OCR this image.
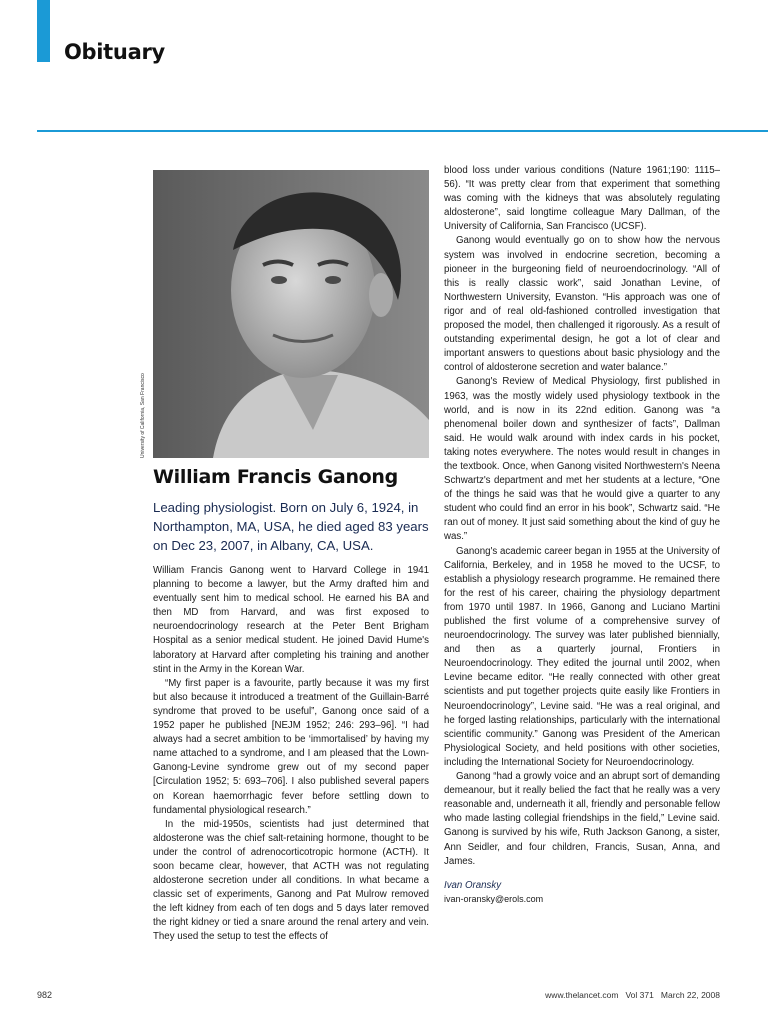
Obituary
University of California, San Francisco
William Francis Ganong
Leading physiologist. Born on July 6, 1924, in Northampton, MA, USA, he died aged 83 years on Dec 23, 2007, in Albany, CA, USA.

William Francis Ganong went to Harvard College in 1941 planning to become a lawyer, but the Army drafted him and eventually sent him to medical school. He earned his BA and then MD from Harvard, and was first exposed to neuroendocrinology research at the Peter Bent Brigham Hospital as a senior medical student. He joined David Hume's laboratory at Harvard after completing his training and another stint in the Army in the Korean War.

“My first paper is a favourite, partly because it was my first but also because it introduced a treatment of the Guillain-Barré syndrome that proved to be useful”, Ganong once said of a 1952 paper he published [NEJM 1952; 246: 293–96]. “I had always had a secret ambition to be ‘immortalised’ by having my name attached to a syndrome, and I am pleased that the Lown-Ganong-Levine syndrome grew out of my second paper [Circulation 1952; 5: 693–706]. I also published several papers on Korean haemorrhagic fever before settling down to fundamental physiological research.”

In the mid-1950s, scientists had just determined that aldosterone was the chief salt-retaining hormone, thought to be under the control of adrenocorticotropic hormone (ACTH). It soon became clear, however, that ACTH was not regulating aldosterone secretion under all conditions. In what became a classic set of experiments, Ganong and Pat Mulrow removed the left kidney from each of ten dogs and 5 days later removed the right kidney or tied a snare around the renal artery and vein. They used the setup to test the effects of

blood loss under various conditions (Nature 1961;190: 1115–56). “It was pretty clear from that experiment that something was coming with the kidneys that was absolutely regulating aldosterone”, said longtime colleague Mary Dallman, of the University of California, San Francisco (UCSF).

Ganong would eventually go on to show how the nervous system was involved in endocrine secretion, becoming a pioneer in the burgeoning field of neuroendocrinology. “All of this is really classic work”, said Jonathan Levine, of Northwestern University, Evanston. “His approach was one of rigor and of real old-fashioned controlled investigation that proposed the model, then challenged it rigorously. As a result of outstanding experimental design, he got a lot of clear and important answers to questions about basic physiology and the control of aldosterone secretion and water balance.”

Ganong's Review of Medical Physiology, first published in 1963, was the mostly widely used physiology textbook in the world, and is now in its 22nd edition. Ganong was “a phenomenal boiler down and synthesizer of facts”, Dallman said. He would walk around with index cards in his pocket, taking notes everywhere. The notes would result in changes in the textbook. Once, when Ganong visited Northwestern's Neena Schwartz's department and met her students at a lecture, “One of the things he said was that he would give a quarter to any student who could find an error in his book”, Schwartz said. “He ran out of money. It just said something about the kind of guy he was.”

Ganong's academic career began in 1955 at the University of California, Berkeley, and in 1958 he moved to the UCSF, to establish a physiology research programme. He remained there for the rest of his career, chairing the physiology department from 1970 until 1987. In 1966, Ganong and Luciano Martini published the first volume of a comprehensive survey of neuroendocrinology. The survey was later published biennially, and then as a quarterly journal, Frontiers in Neuroendocrinology. They edited the journal until 2002, when Levine became editor. “He really connected with other great scientists and put together projects quite easily like Frontiers in Neuroendocrinology”, Levine said. “He was a real original, and he forged lasting relationships, particularly with the international scientific community.” Ganong was President of the American Physiological Society, and held positions with other societies, including the International Society for Neuroendocrinology.

Ganong “had a growly voice and an abrupt sort of demanding demeanour, but it really belied the fact that he really was a very reasonable and, underneath it all, friendly and personable fellow who made lasting collegial friendships in the field,” Levine said. Ganong is survived by his wife, Ruth Jackson Ganong, a sister, Ann Seidler, and four children, Francis, Susan, Anna, and James.

Ivan Oransky
ivan-oransky@erols.com
982	www.thelancet.com   Vol 371   March 22, 2008
